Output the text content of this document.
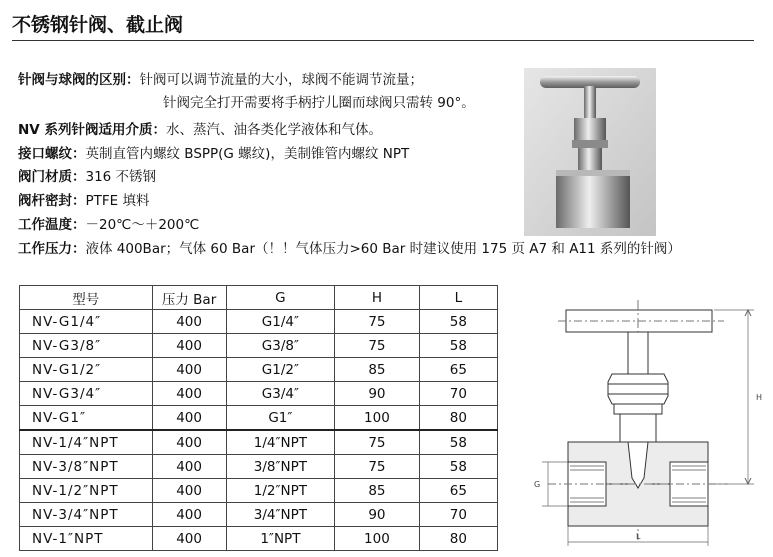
不锈钢针阀、截止阀
针阀与球阀的区别：针阀可以调节流量的大小，球阀不能调节流量；
针阀完全打开需要将手柄拧儿圈而球阀只需转 90°。
NV 系列针阀适用介质：水、蒸汽、油各类化学液体和气体。
接口螺纹：英制直管内螺纹 BSPP(G 螺纹)，美制锥管内螺纹 NPT
阀门材质：316 不锈钢
阀杆密封：PTFE 填料
工作温度：－20℃～＋200℃
工作压力：液体 400Bar；气体 60 Bar（！！气体压力>60 Bar 时建议使用 175 页 A7 和 A11 系列的针阀）
型号	压力 Bar	G	H	L
NV-G1/4″	400	G1/4″	75	58
NV-G3/8″	400	G3/8″	75	58
NV-G1/2″	400	G1/2″	85	65
NV-G3/4″	400	G3/4″	90	70
NV-G1″	400	G1″	100	80
NV-1/4″NPT	400	1/4″NPT	75	58
NV-3/8″NPT	400	3/8″NPT	75	58
NV-1/2″NPT	400	1/2″NPT	85	65
NV-3/4″NPT	400	3/4″NPT	90	70
NV-1″NPT	400	1″NPT	100	80
H
G
L
